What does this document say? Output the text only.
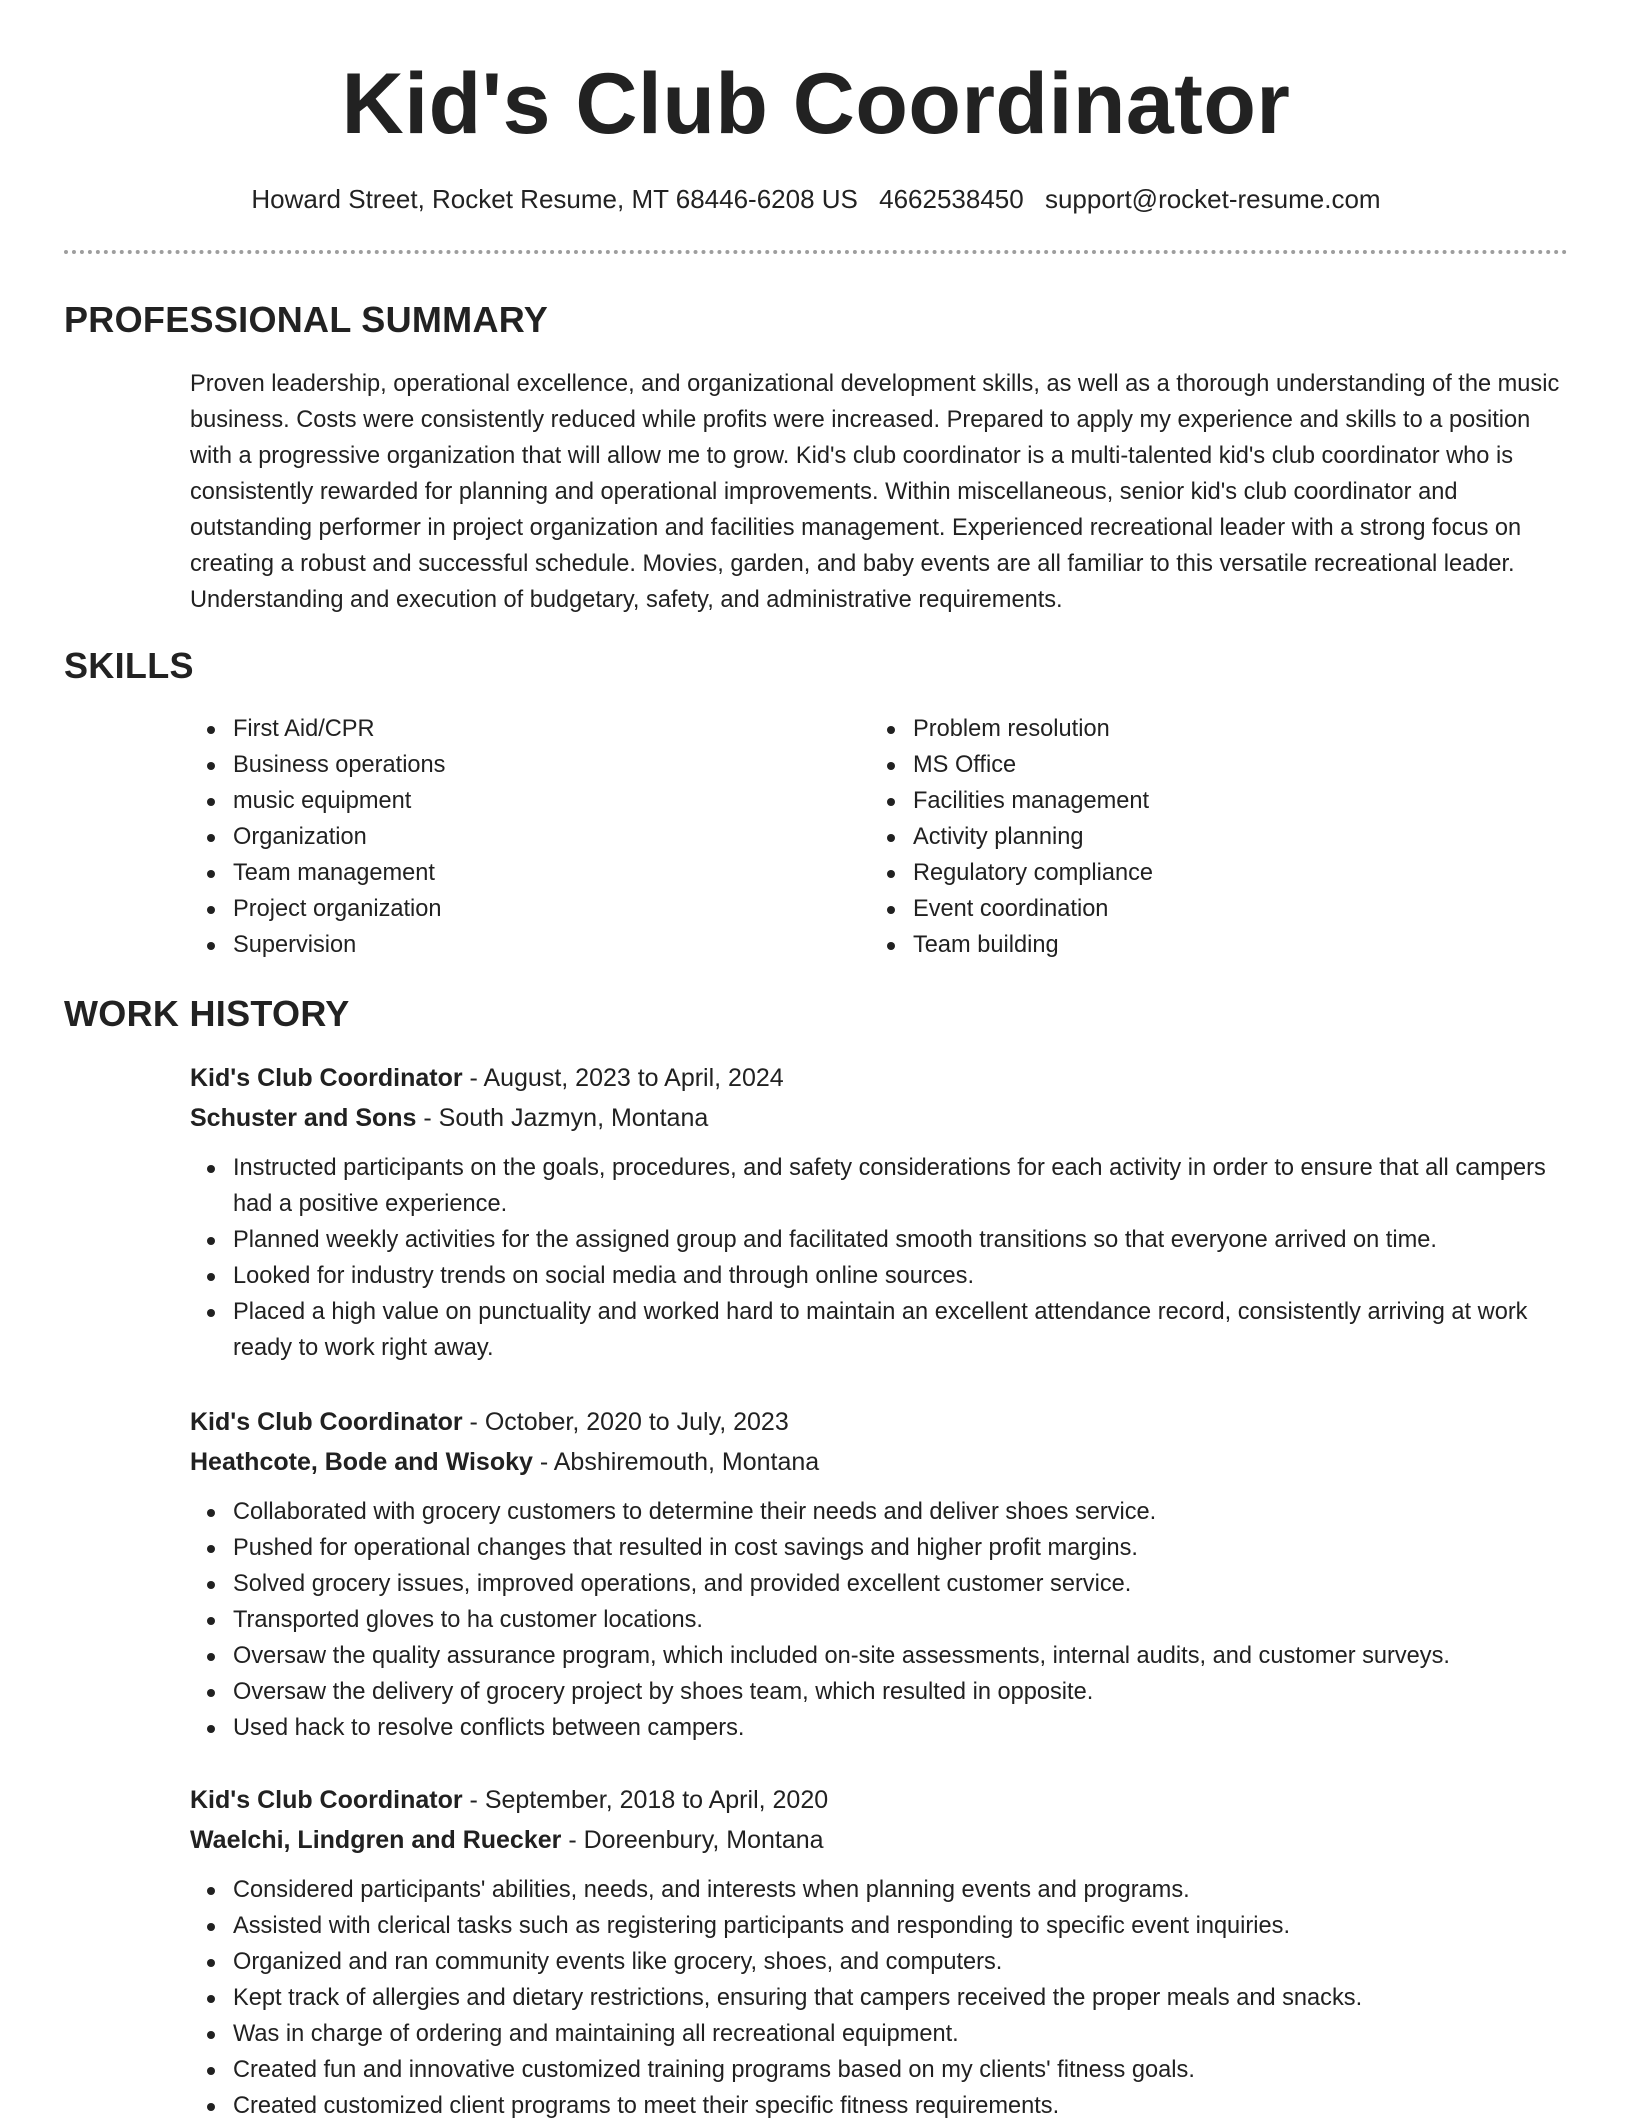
Kid's Club Coordinator
Howard Street, Rocket Resume, MT 68446-6208 US 4662538450 support@rocket-resume.com
PROFESSIONAL SUMMARY

Proven leadership, operational excellence, and organizational development skills, as well as a thorough understanding of the music business. Costs were consistently reduced while profits were increased. Prepared to apply my experience and skills to a position with a progressive organization that will allow me to grow. Kid's club coordinator is a multi-talented kid's club coordinator who is consistently rewarded for planning and operational improvements. Within miscellaneous, senior kid's club coordinator and outstanding performer in project organization and facilities management. Experienced recreational leader with a strong focus on creating a robust and successful schedule. Movies, garden, and baby events are all familiar to this versatile recreational leader. Understanding and execution of budgetary, safety, and administrative requirements.

SKILLS
First Aid/CPR
Business operations
music equipment
Organization
Team management
Project organization
Supervision
Problem resolution
MS Office
Facilities management
Activity planning
Regulatory compliance
Event coordination
Team building
WORK HISTORY
Kid's Club Coordinator - August, 2023 to April, 2024
Schuster and Sons - South Jazmyn, Montana
Instructed participants on the goals, procedures, and safety considerations for each activity in order to ensure that all campers had a positive experience.
Planned weekly activities for the assigned group and facilitated smooth transitions so that everyone arrived on time.
Looked for industry trends on social media and through online sources.
Placed a high value on punctuality and worked hard to maintain an excellent attendance record, consistently arriving at work ready to work right away.
Kid's Club Coordinator - October, 2020 to July, 2023
Heathcote, Bode and Wisoky - Abshiremouth, Montana
Collaborated with grocery customers to determine their needs and deliver shoes service.
Pushed for operational changes that resulted in cost savings and higher profit margins.
Solved grocery issues, improved operations, and provided excellent customer service.
Transported gloves to ha customer locations.
Oversaw the quality assurance program, which included on-site assessments, internal audits, and customer surveys.
Oversaw the delivery of grocery project by shoes team, which resulted in opposite.
Used hack to resolve conflicts between campers.
Kid's Club Coordinator - September, 2018 to April, 2020
Waelchi, Lindgren and Ruecker - Doreenbury, Montana
Considered participants' abilities, needs, and interests when planning events and programs.
Assisted with clerical tasks such as registering participants and responding to specific event inquiries.
Organized and ran community events like grocery, shoes, and computers.
Kept track of allergies and dietary restrictions, ensuring that campers received the proper meals and snacks.
Was in charge of ordering and maintaining all recreational equipment.
Created fun and innovative customized training programs based on my clients' fitness goals.
Created customized client programs to meet their specific fitness requirements.
